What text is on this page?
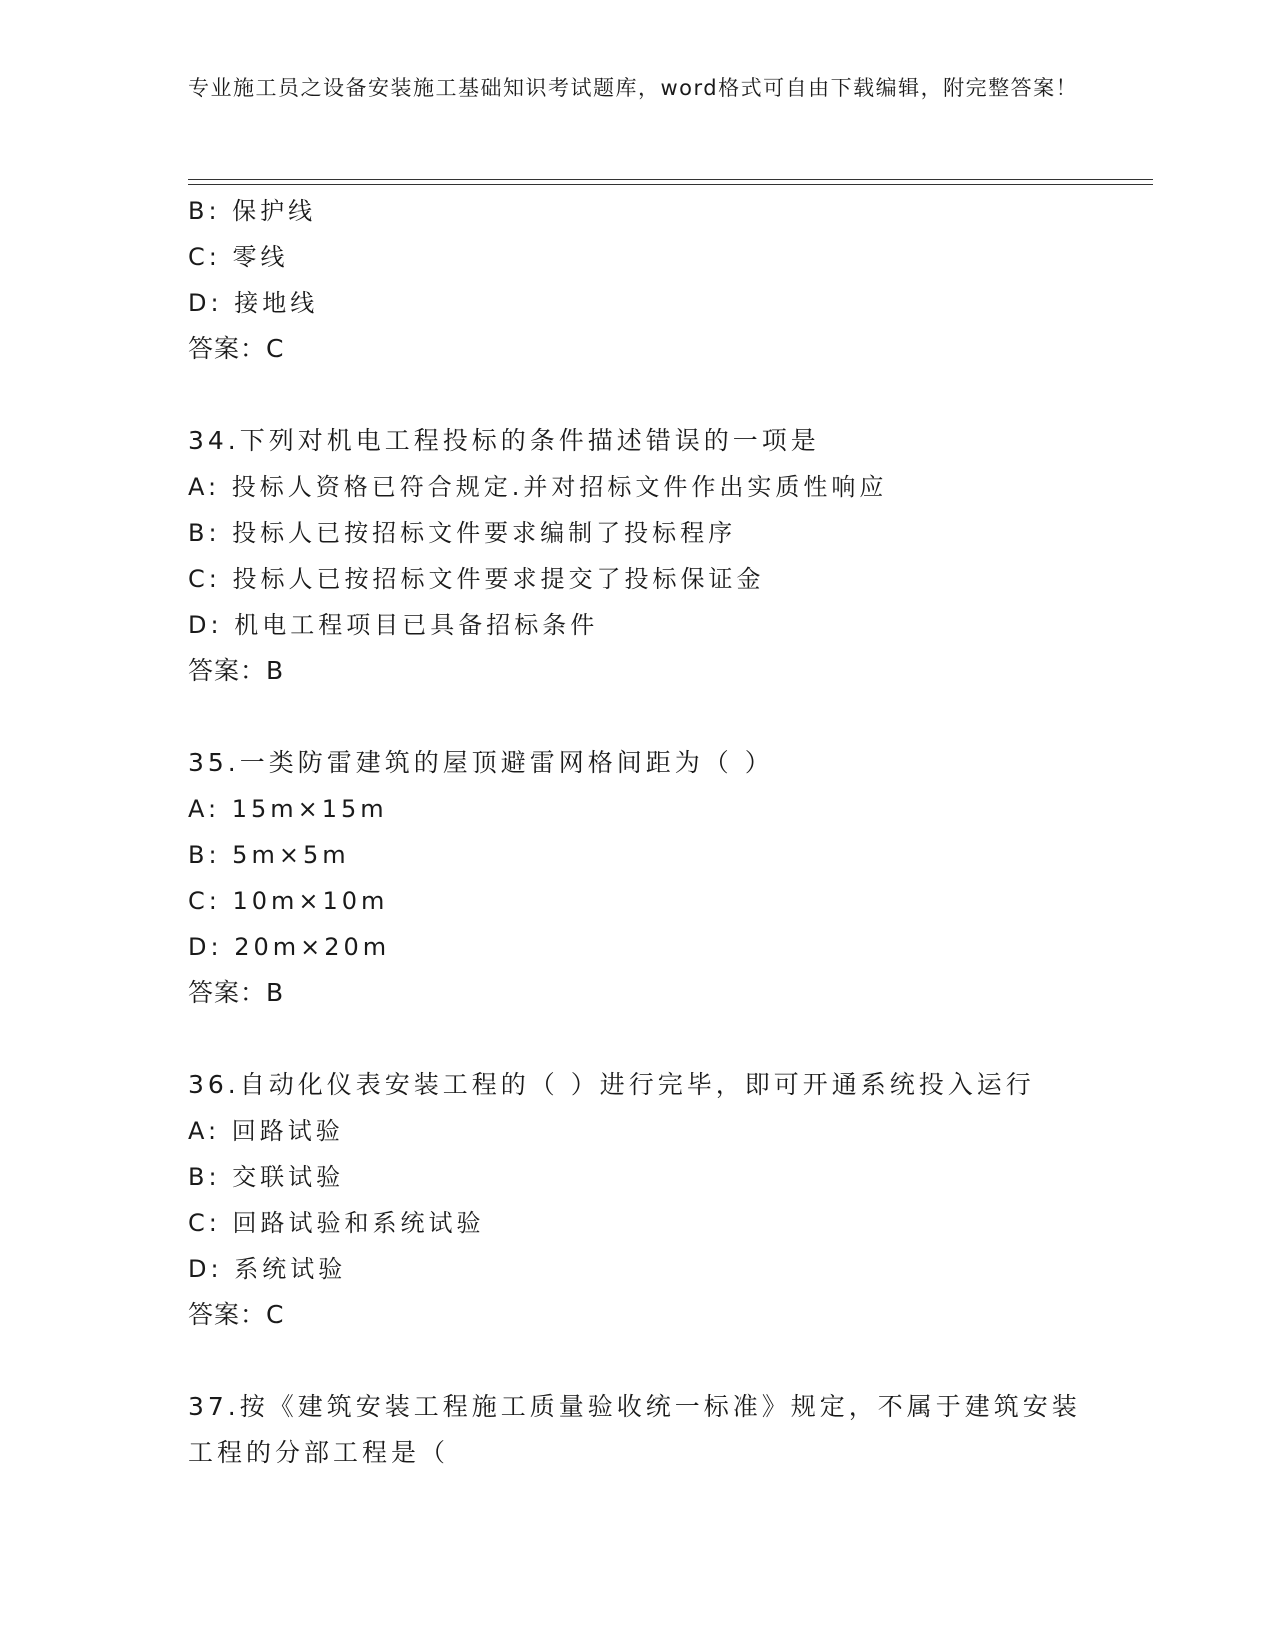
专业施工员之设备安装施工基础知识考试题库，word格式可自由下载编辑，附完整答案！
B: 保护线
C: 零线
D: 接地线
答案：C
34.下列对机电工程投标的条件描述错误的一项是
A: 投标人资格已符合规定.并对招标文件作出实质性响应
B: 投标人已按招标文件要求编制了投标程序
C: 投标人已按招标文件要求提交了投标保证金
D: 机电工程项目已具备招标条件
答案：B
35.一类防雷建筑的屋顶避雷网格间距为（ ）
A: 15m×15m
B: 5m×5m
C: 10m×10m
D: 20m×20m
答案：B
36.自动化仪表安装工程的（ ）进行完毕，即可开通系统投入运行
A: 回路试验
B: 交联试验
C: 回路试验和系统试验
D: 系统试验
答案：C
37.按《建筑安装工程施工质量验收统一标准》规定，不属于建筑安装工程的分部工程是（
